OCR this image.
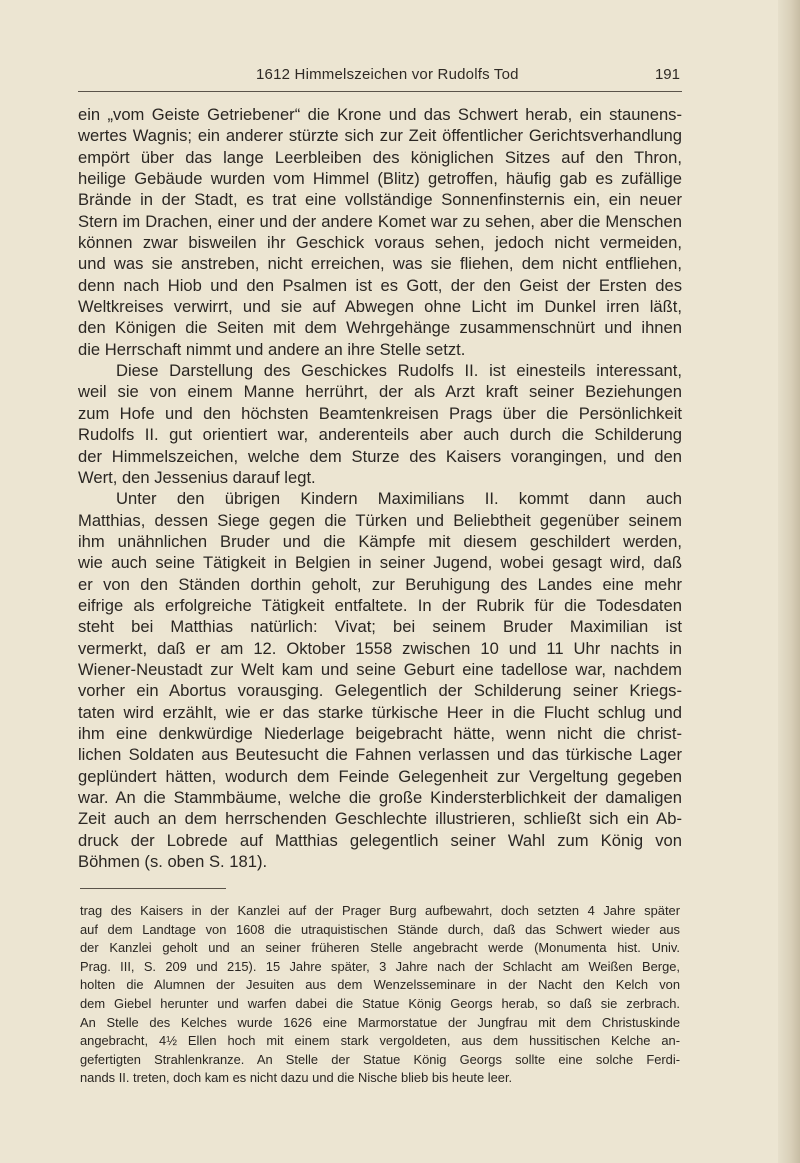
1612 Himmelszeichen vor Rudolfs Tod	191
ein „vom Geiste Getriebener“ die Krone und das Schwert herab, ein staunens-
wertes Wagnis; ein anderer stürzte sich zur Zeit öffentlicher Gerichtsverhandlung
empört über das lange Leerbleiben des königlichen Sitzes auf den Thron,
heilige Gebäude wurden vom Himmel (Blitz) getroffen, häufig gab es zufällige
Brände in der Stadt, es trat eine vollständige Sonnenfinsternis ein, ein neuer
Stern im Drachen, einer und der andere Komet war zu sehen, aber die Menschen
können zwar bisweilen ihr Geschick voraus sehen, jedoch nicht vermeiden,
und was sie anstreben, nicht erreichen, was sie fliehen, dem nicht entfliehen,
denn nach Hiob und den Psalmen ist es Gott, der den Geist der Ersten des
Weltkreises verwirrt, und sie auf Abwegen ohne Licht im Dunkel irren läßt,
den Königen die Seiten mit dem Wehrgehänge zusammenschnürt und ihnen
die Herrschaft nimmt und andere an ihre Stelle setzt.
Diese Darstellung des Geschickes Rudolfs II. ist einesteils interessant,
weil sie von einem Manne herrührt, der als Arzt kraft seiner Beziehungen
zum Hofe und den höchsten Beamtenkreisen Prags über die Persönlichkeit
Rudolfs II. gut orientiert war, anderenteils aber auch durch die Schilderung
der Himmelszeichen, welche dem Sturze des Kaisers vorangingen, und den
Wert, den Jessenius darauf legt.
Unter den übrigen Kindern Maximilians II. kommt dann auch
Matthias, dessen Siege gegen die Türken und Beliebtheit gegenüber seinem
ihm unähnlichen Bruder und die Kämpfe mit diesem geschildert werden,
wie auch seine Tätigkeit in Belgien in seiner Jugend, wobei gesagt wird, daß
er von den Ständen dorthin geholt, zur Beruhigung des Landes eine mehr
eifrige als erfolgreiche Tätigkeit entfaltete. In der Rubrik für die Todesdaten
steht bei Matthias natürlich: Vivat; bei seinem Bruder Maximilian ist
vermerkt, daß er am 12. Oktober 1558 zwischen 10 und 11 Uhr nachts in
Wiener-Neustadt zur Welt kam und seine Geburt eine tadellose war, nachdem
vorher ein Abortus vorausging. Gelegentlich der Schilderung seiner Kriegs-
taten wird erzählt, wie er das starke türkische Heer in die Flucht schlug und
ihm eine denkwürdige Niederlage beigebracht hätte, wenn nicht die christ-
lichen Soldaten aus Beutesucht die Fahnen verlassen und das türkische Lager
geplündert hätten, wodurch dem Feinde Gelegenheit zur Vergeltung gegeben
war. An die Stammbäume, welche die große Kindersterblichkeit der damaligen
Zeit auch an dem herrschenden Geschlechte illustrieren, schließt sich ein Ab-
druck der Lobrede auf Matthias gelegentlich seiner Wahl zum König von
Böhmen (s. oben S. 181).
trag des Kaisers in der Kanzlei auf der Prager Burg aufbewahrt, doch setzten 4 Jahre später
auf dem Landtage von 1608 die utraquistischen Stände durch, daß das Schwert wieder aus
der Kanzlei geholt und an seiner früheren Stelle angebracht werde (Monumenta hist. Univ.
Prag. III, S. 209 und 215). 15 Jahre später, 3 Jahre nach der Schlacht am Weißen Berge,
holten die Alumnen der Jesuiten aus dem Wenzelsseminare in der Nacht den Kelch von
dem Giebel herunter und warfen dabei die Statue König Georgs herab, so daß sie zerbrach.
An Stelle des Kelches wurde 1626 eine Marmorstatue der Jungfrau mit dem Christuskinde
angebracht, 4½ Ellen hoch mit einem stark vergoldeten, aus dem hussitischen Kelche an-
gefertigten Strahlenkranze. An Stelle der Statue König Georgs sollte eine solche Ferdi-
nands II. treten, doch kam es nicht dazu und die Nische blieb bis heute leer.
